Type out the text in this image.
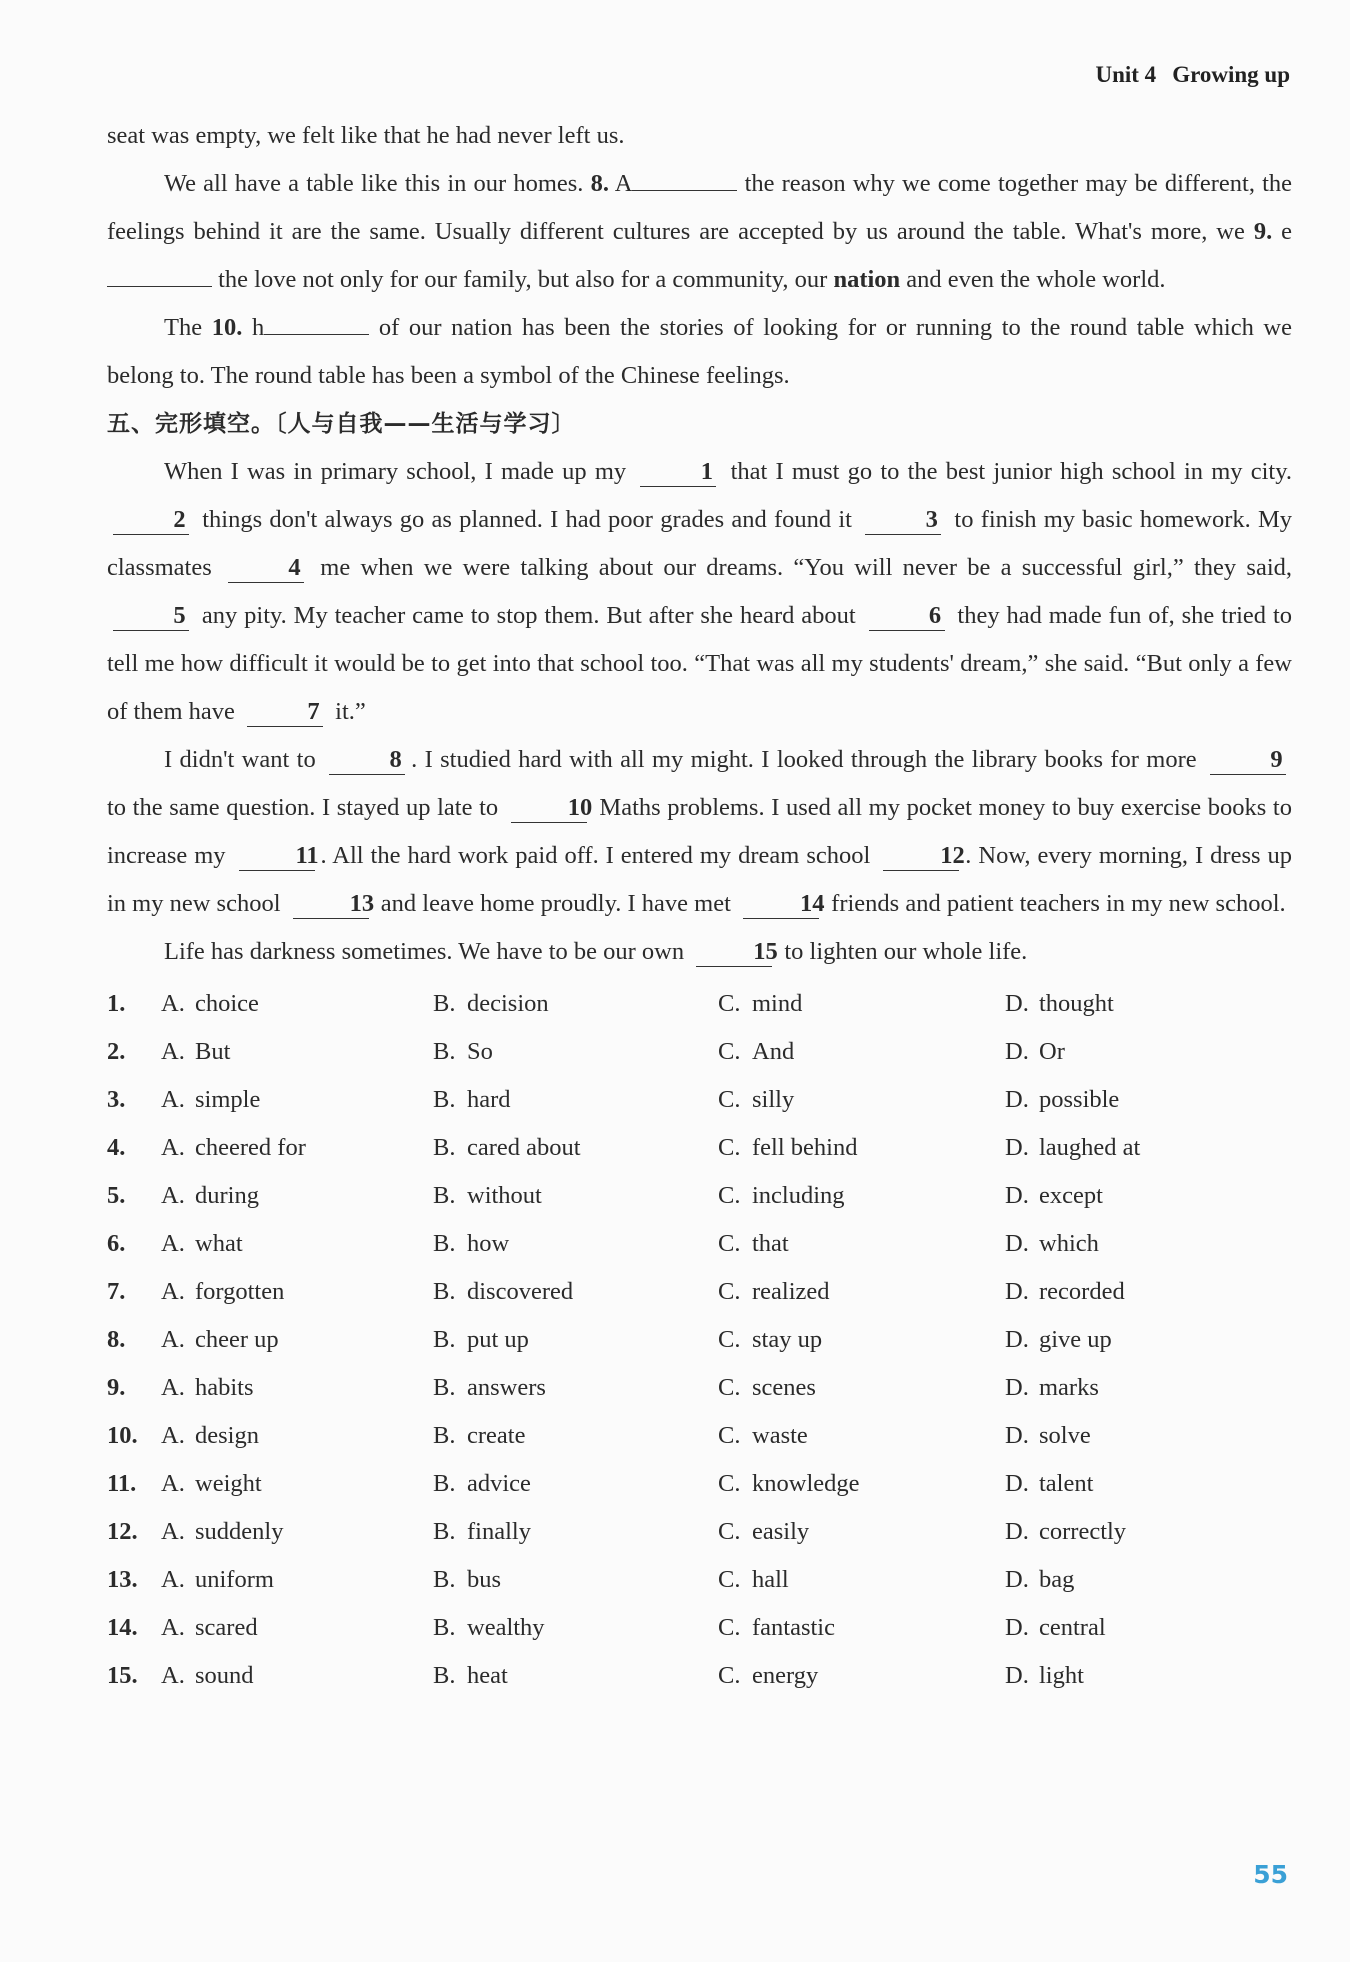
Unit 4 Growing up

seat was empty, we felt like that he had never left us.

We all have a table like this in our homes. 8. A	the reason why we come together may be different, the feelings behind it are the same. Usually different cultures are accepted by us around the table. What's more, we 9. e the love not only for our family, but also for a community, our nation and even the whole world.

The 10. h	of our nation has been the stories of looking for or running to the round table which we belong to. The round table has been a symbol of the Chinese feelings.

五、完形填空。〔人与自我——生活与学习〕

When I was in primary school, I made up my	1 that I must go to the best junior high school in my city. 2 things don't always go as planned. I had poor grades and found it	3 to finish my basic homework. My classmates	4 me when we were talking about our dreams. “You will never be a successful girl,” they said, 5 any pity. My teacher came to stop them. But after she heard about	6 they had made fun of, she tried to tell me how difficult it would be to get into that school too. “That was all my students' dream,” she said. “But only a few of them have	7 it.”

I didn't want to	8 . I studied hard with all my might. I looked through the library books for more	9 to the same question. I stayed up late to	10 Maths problems. I used all my pocket money to buy exercise books to increase my	11. All the hard work paid off. I entered my dream school	12. Now, every morning, I dress up in my new school	13 and leave home proudly. I have met	14 friends and patient teachers in my new school.

Life has darkness sometimes. We have to be our own	15 to lighten our whole life.

1.	A. choice	B. decision	C. mind	D. thought
2.	A. But	B. So	C. And	D. Or
3.	A. simple	B. hard	C. silly	D. possible
4.	A. cheered for	B. cared about	C. fell behind	D. laughed at
5.	A. during	B. without	C. including	D. except
6.	A. what	B. how	C. that	D. which
7.	A. forgotten	B. discovered	C. realized	D. recorded
8.	A. cheer up	B. put up	C. stay up	D. give up
9.	A. habits	B. answers	C. scenes	D. marks
10. A. design	B. create	C. waste	D. solve
11.	A. weight	B. advice	C. knowledge	D. talent
12. A. suddenly	B. finally	C. easily	D. correctly
13. A. uniform	B. bus	C. hall	D. bag
14. A. scared	B. wealthy	C. fantastic	D. central
15. A. sound	B. heat	C. energy	D. light
55
